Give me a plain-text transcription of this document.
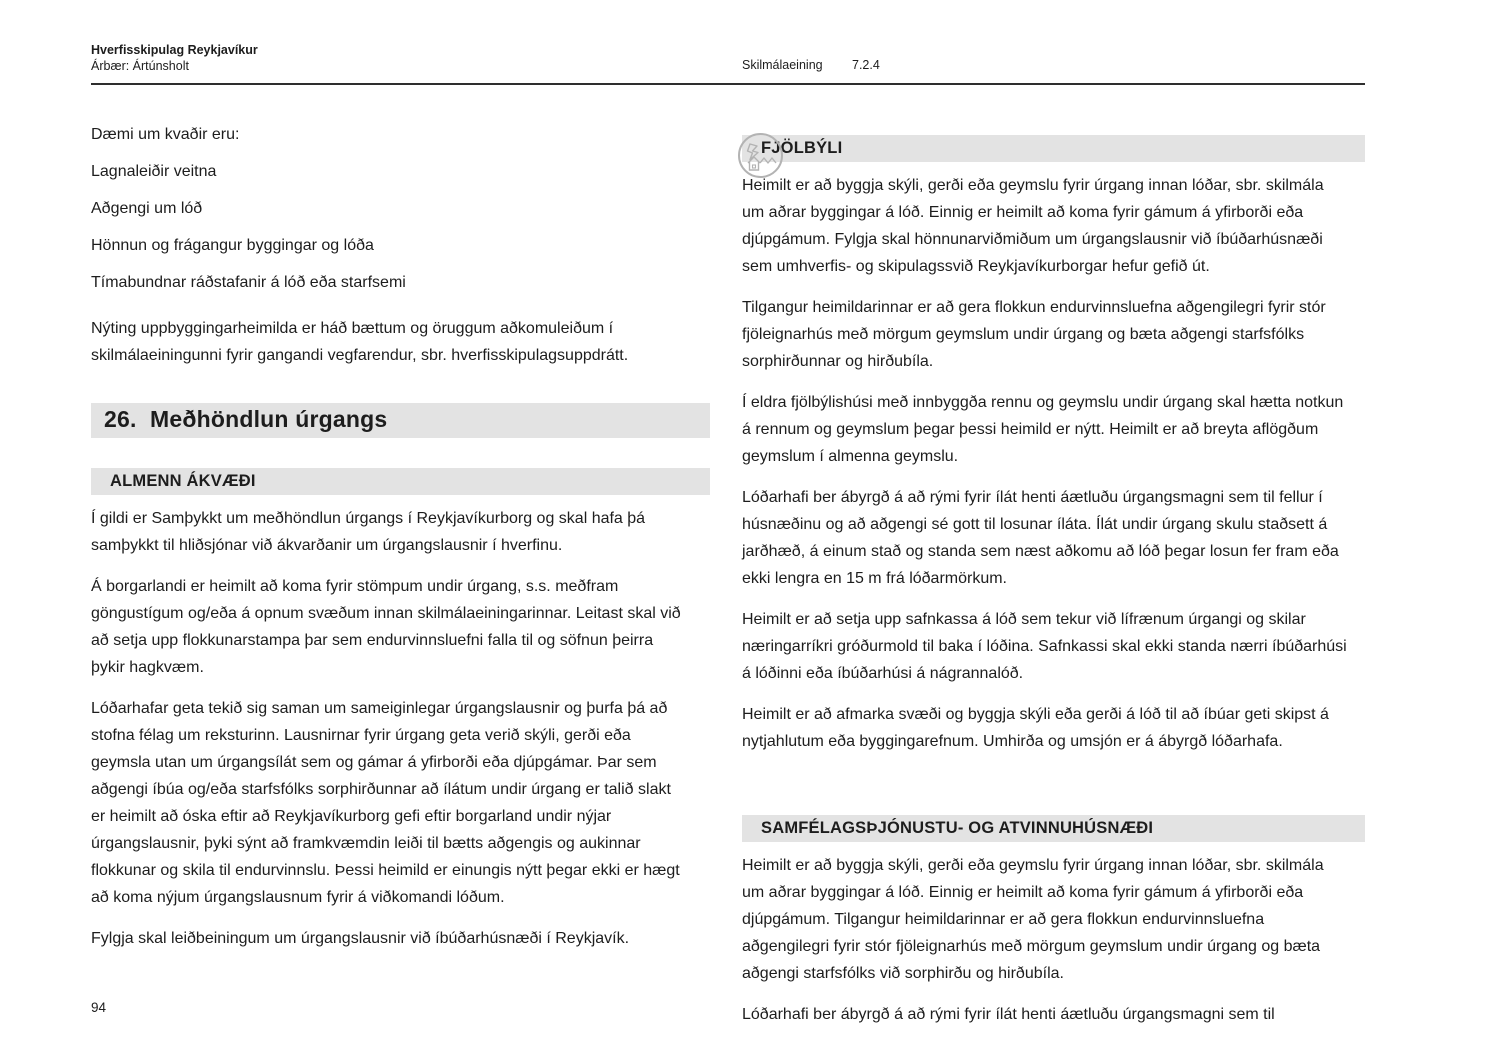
Hverfisskipulag Reykjavíkur
Árbær: Ártúnsholt	Skilmálaeining	7.2.4
Dæmi um kvaðir eru:
Lagnaleiðir veitna
Aðgengi um lóð
Hönnun og frágangur byggingar og lóða
Tímabundnar ráðstafanir á lóð eða starfsemi

Nýting uppbyggingarheimilda er háð bættum og öruggum aðkomuleiðum í skilmálaeiningunni fyrir gangandi vegfarendur, sbr. hverfisskipulagsuppdrátt.

26. Meðhöndlun úrgangs
ALMENN ÁKVÆÐI

Í gildi er Samþykkt um meðhöndlun úrgangs í Reykjavíkurborg og skal hafa þá samþykkt til hliðsjónar við ákvarðanir um úrgangslausnir í hverfinu.

Á borgarlandi er heimilt að koma fyrir stömpum undir úrgang, s.s. meðfram göngustígum og/eða á opnum svæðum innan skilmálaeiningarinnar. Leitast skal við að setja upp flokkunarstampa þar sem endurvinnsluefni falla til og söfnun þeirra þykir hagkvæm.

Lóðarhafar geta tekið sig saman um sameiginlegar úrgangslausnir og þurfa þá að stofna félag um reksturinn. Lausnirnar fyrir úrgang geta verið skýli, gerði eða geymsla utan um úrgangsílát sem og gámar á yfirborði eða djúpgámar. Þar sem aðgengi íbúa og/eða starfsfólks sorphirðunnar að ílátum undir úrgang er talið slakt er heimilt að óska eftir að Reykjavíkurborg gefi eftir borgarland undir nýjar úrgangslausnir, þyki sýnt að framkvæmdin leiði til bætts aðgengis og aukinnar flokkunar og skila til endurvinnslu. Þessi heimild er einungis nýtt þegar ekki er hægt að koma nýjum úrgangslausnum fyrir á viðkomandi lóðum.

Fylgja skal leiðbeiningum um úrgangslausnir við íbúðarhúsnæði í Reykjavík.

FJÖLBÝLI

Heimilt er að byggja skýli, gerði eða geymslu fyrir úrgang innan lóðar, sbr. skilmála um aðrar byggingar á lóð. Einnig er heimilt að koma fyrir gámum á yfirborði eða djúpgámum. Fylgja skal hönnunarviðmiðum um úrgangslausnir við íbúðarhúsnæði sem umhverfis- og skipulagssvið Reykjavíkurborgar hefur gefið út.

Tilgangur heimildarinnar er að gera flokkun endurvinnsluefna aðgengilegri fyrir stór fjöleignarhús með mörgum geymslum undir úrgang og bæta aðgengi starfsfólks sorphirðunnar og hirðubíla.

Í eldra fjölbýlishúsi með innbyggða rennu og geymslu undir úrgang skal hætta notkun á rennum og geymslum þegar þessi heimild er nýtt. Heimilt er að breyta aflögðum geymslum í almenna geymslu.

Lóðarhafi ber ábyrgð á að rými fyrir ílát henti áætluðu úrgangsmagni sem til fellur í húsnæðinu og að aðgengi sé gott til losunar íláta. Ílát undir úrgang skulu staðsett á jarðhæð, á einum stað og standa sem næst aðkomu að lóð þegar losun fer fram eða ekki lengra en 15 m frá lóðarmörkum.

Heimilt er að setja upp safnkassa á lóð sem tekur við lífrænum úrgangi og skilar næringarríkri gróðurmold til baka í lóðina. Safnkassi skal ekki standa nærri íbúðarhúsi á lóðinni eða íbúðarhúsi á nágrannalóð.

Heimilt er að afmarka svæði og byggja skýli eða gerði á lóð til að íbúar geti skipst á nytjahlutum eða byggingarefnum. Umhirða og umsjón er á ábyrgð lóðarhafa.

SAMFÉLAGSÞJÓNUSTU- OG ATVINNUHÚSNÆÐI

Heimilt er að byggja skýli, gerði eða geymslu fyrir úrgang innan lóðar, sbr. skilmála um aðrar byggingar á lóð. Einnig er heimilt að koma fyrir gámum á yfirborði eða djúpgámum. Tilgangur heimildarinnar er að gera flokkun endurvinnsluefna aðgengilegri fyrir stór fjöleignarhús með mörgum geymslum undir úrgang og bæta aðgengi starfsfólks við sorphirðu og hirðubíla.

Lóðarhafi ber ábyrgð á að rými fyrir ílát henti áætluðu úrgangsmagni sem til

94
